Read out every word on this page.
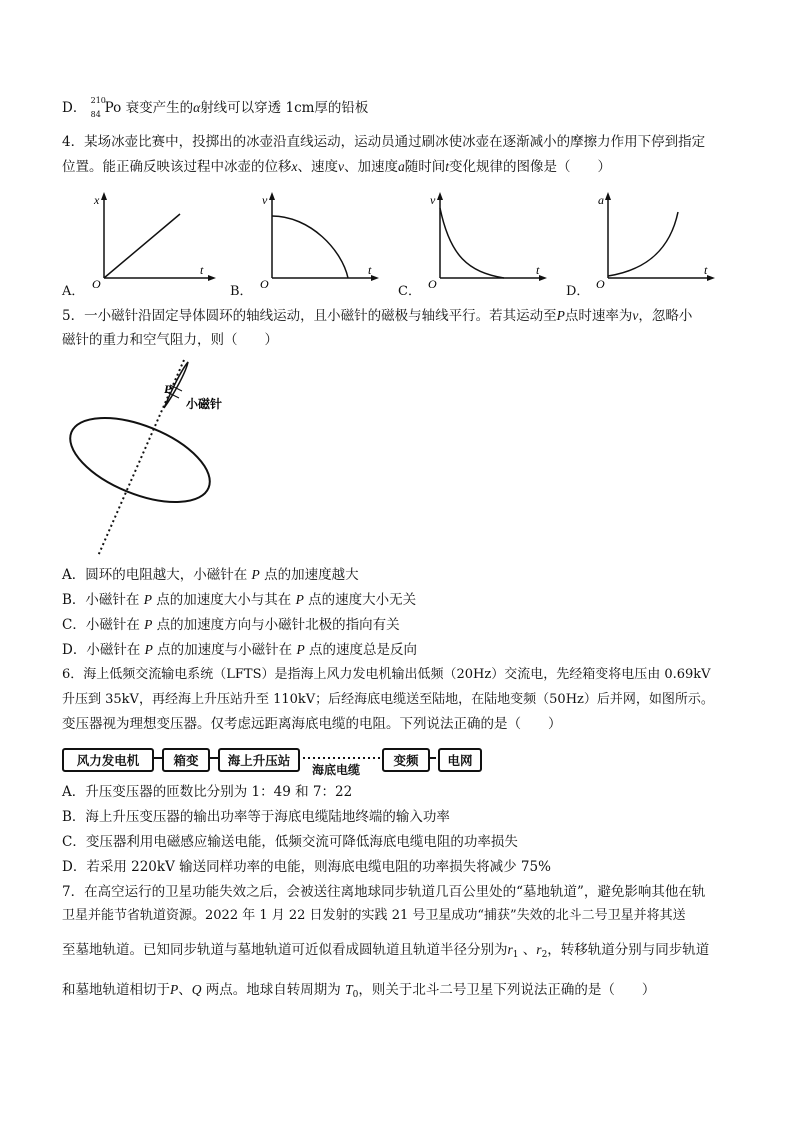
D． 210
84 Po 衰变产生的α射线可以穿透 1cm厚的铅板
4．某场冰壶比赛中，投掷出的冰壶沿直线运动，运动员通过刷冰使冰壶在逐渐减小的摩擦力作用下停到指定
位置。能正确反映该过程中冰壶的位移x、速度v、加速度a随时间t变化规律的图像是（　　）
A．
x
t
O	B．
v
t
O	C．
v
t
O	D．
a
t
O
5．一小磁针沿固定导体圆环的轴线运动，且小磁针的磁极与轴线平行。若其运动至P点时速率为v，忽略小
磁针的重力和空气阻力，则（　　）
P
小磁针
A．圆环的电阻越大，小磁针在 P 点的加速度越大
B．小磁针在 P 点的加速度大小与其在 P 点的速度大小无关
C．小磁针在 P 点的加速度方向与小磁针北极的指向有关
D．小磁针在 P 点的加速度与小磁针在 P 点的速度总是反向
6．海上低频交流输电系统（LFTS）是指海上风力发电机输出低频（20Hz）交流电，先经箱变将电压由 0.69kV
升压到 35kV，再经海上升压站升至 110kV；后经海底电缆送至陆地，在陆地变频（50Hz）后并网，如图所示。
变压器视为理想变压器。仅考虑远距离海底电缆的电阻。下列说法正确的是（　　）
风力发电机	箱变	海上升压站	变频	电网
海底电缆
A．升压变压器的匝数比分别为 1：49 和 7：22
B．海上升压变压器的输出功率等于海底电缆陆地终端的输入功率
C．变压器利用电磁感应输送电能，低频交流可降低海底电缆电阻的功率损失
D．若采用 220kV 输送同样功率的电能，则海底电缆电阻的功率损失将减少 75%
7．在高空运行的卫星功能失效之后，会被送往离地球同步轨道几百公里处的“墓地轨道”，避免影响其他在轨
卫星并能节省轨道资源。2022 年 1 月 22 日发射的实践 21 号卫星成功“捕获”失效的北斗二号卫星并将其送
至墓地轨道。已知同步轨道与墓地轨道可近似看成圆轨道且轨道半径分别为$r_1$ 、$r_2$，转移轨道分别与同步轨道
和墓地轨道相切于P、Q 两点。地球自转周期为 $T_0$，则关于北斗二号卫星下列说法正确的是（　　）
